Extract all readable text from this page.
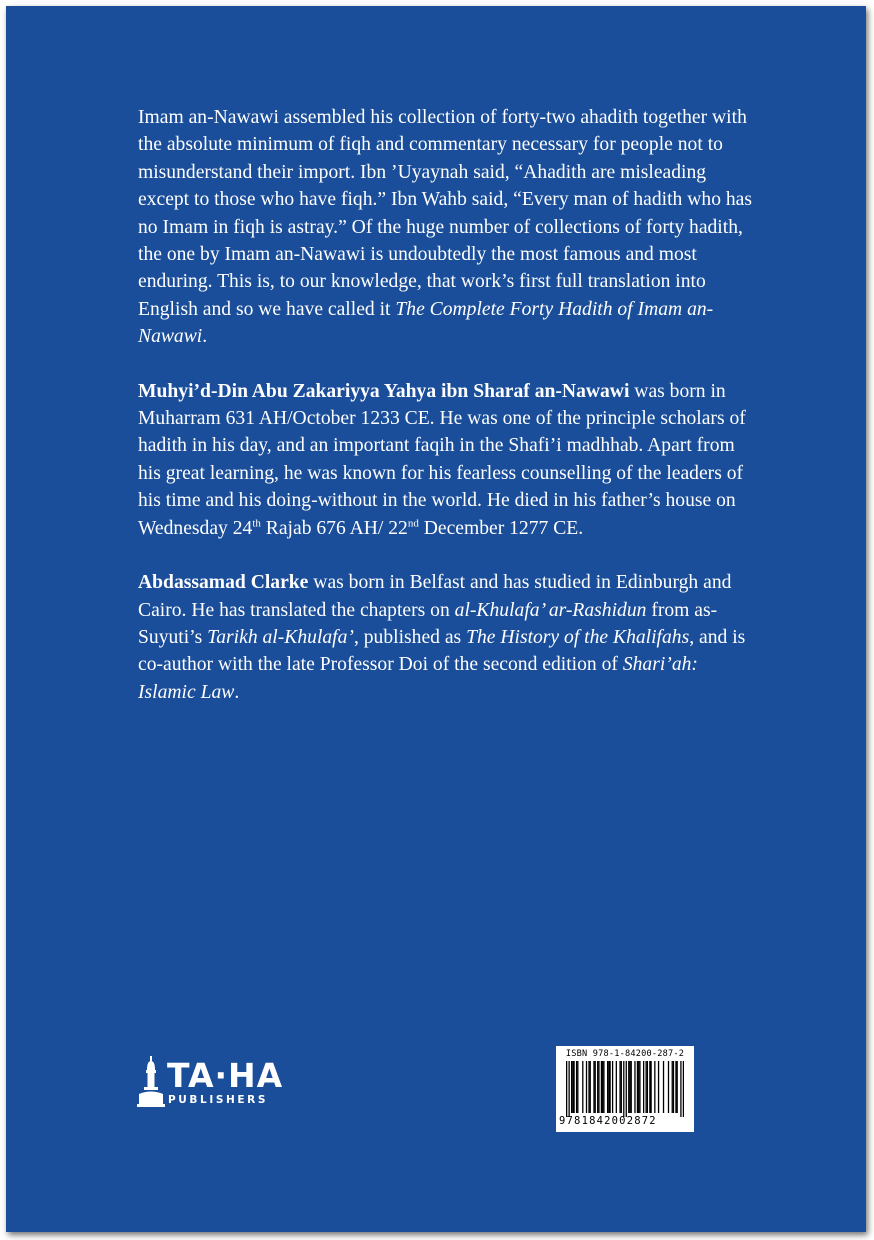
Imam an-Nawawi assembled his collection of forty-two ahadith together with the absolute minimum of fiqh and commentary necessary for people not to misunderstand their import. Ibn ’Uyaynah said, “Ahadith are misleading except to those who have fiqh.” Ibn Wahb said, “Every man of hadith who has no Imam in fiqh is astray.” Of the huge number of collections of forty hadith, the one by Imam an-Nawawi is undoubtedly the most famous and most enduring. This is, to our knowledge, that work’s first full translation into English and so we have called it The Complete Forty Hadith of Imam an-Nawawi.

Muhyi’d-Din Abu Zakariyya Yahya ibn Sharaf an-Nawawi was born in Muharram 631 AH/October 1233 CE. He was one of the principle scholars of hadith in his day, and an important faqih in the Shafi’i madhhab. Apart from his great learning, he was known for his fearless counselling of the leaders of his time and his doing-without in the world. He died in his father’s house on Wednesday 24th Rajab 676 AH/ 22nd December 1277 CE.

Abdassamad Clarke was born in Belfast and has studied in Edinburgh and Cairo. He has translated the chapters on al-Khulafa’ ar-Rashidun from as-Suyuti’s Tarikh al-Khulafa’, published as The History of the Khalifahs, and is co-author with the late Professor Doi of the second edition of Shari’ah: Islamic Law.

TA·HA
PUBLISHERS
ISBN 978-1-84200-287-2
9781842002872
